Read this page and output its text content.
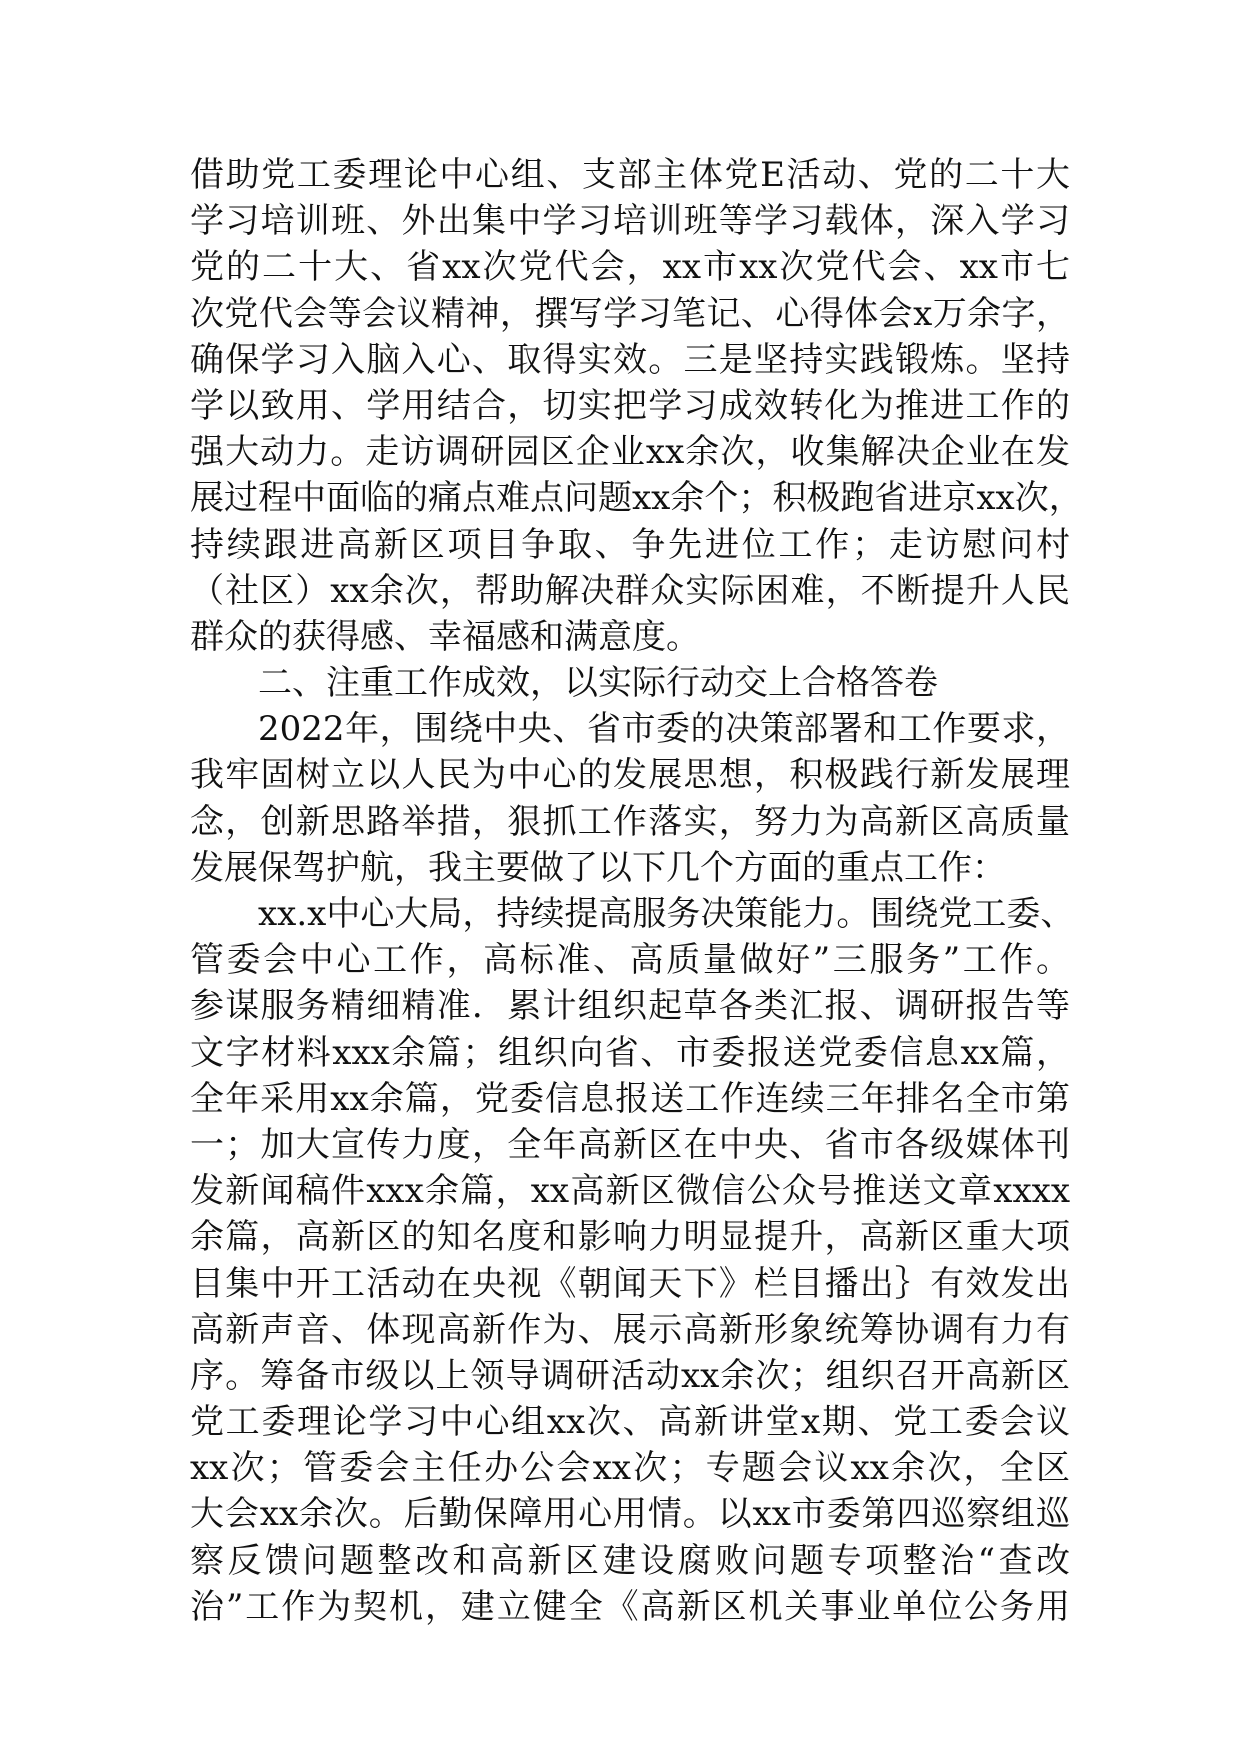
借助党工委理论中心组、支部主体党E活动、党的二十大
学习培训班、外出集中学习培训班等学习载体，深入学习
党的二十大、省xx次党代会，xx市xx次党代会、xx市七
次党代会等会议精神，撰写学习笔记、心得体会x万余字，
确保学习入脑入心、取得实效。三是坚持实践锻炼。坚持
学以致用、学用结合，切实把学习成效转化为推进工作的
强大动力。走访调研园区企业xx余次，收集解决企业在发
展过程中面临的痛点难点问题xx余个；积极跑省进京xx次，
持续跟进高新区项目争取、争先进位工作；走访慰问村
（社区）xx余次，帮助解决群众实际困难，不断提升人民
群众的获得感、幸福感和满意度。
二、注重工作成效，以实际行动交上合格答卷
2022年，围绕中央、省市委的决策部署和工作要求，
我牢固树立以人民为中心的发展思想，积极践行新发展理
念，创新思路举措，狠抓工作落实，努力为高新区高质量
发展保驾护航，我主要做了以下几个方面的重点工作：
xx.x中心大局，持续提高服务决策能力。围绕党工委、
管委会中心工作，高标准、高质量做好”三服务”工作。
参谋服务精细精准．累计组织起草各类汇报、调研报告等
文字材料xxx余篇；组织向省、市委报送党委信息xx篇，
全年采用xx余篇，党委信息报送工作连续三年排名全市第
一；加大宣传力度，全年高新区在中央、省市各级媒体刊
发新闻稿件xxx余篇，xx高新区微信公众号推送文章xxxx
余篇，高新区的知名度和影响力明显提升，高新区重大项
目集中开工活动在央视《朝闻天下》栏目播出｝有效发出
高新声音、体现高新作为、展示高新形象统筹协调有力有
序。筹备市级以上领导调研活动xx余次；组织召开高新区
党工委理论学习中心组xx次、高新讲堂x期、党工委会议
xx次；管委会主任办公会xx次；专题会议xx余次，全区
大会xx余次。后勤保障用心用情。以xx市委第四巡察组巡
察反馈问题整改和高新区建设腐败问题专项整治“查改
治”工作为契机，建立健全《高新区机关事业单位公务用
